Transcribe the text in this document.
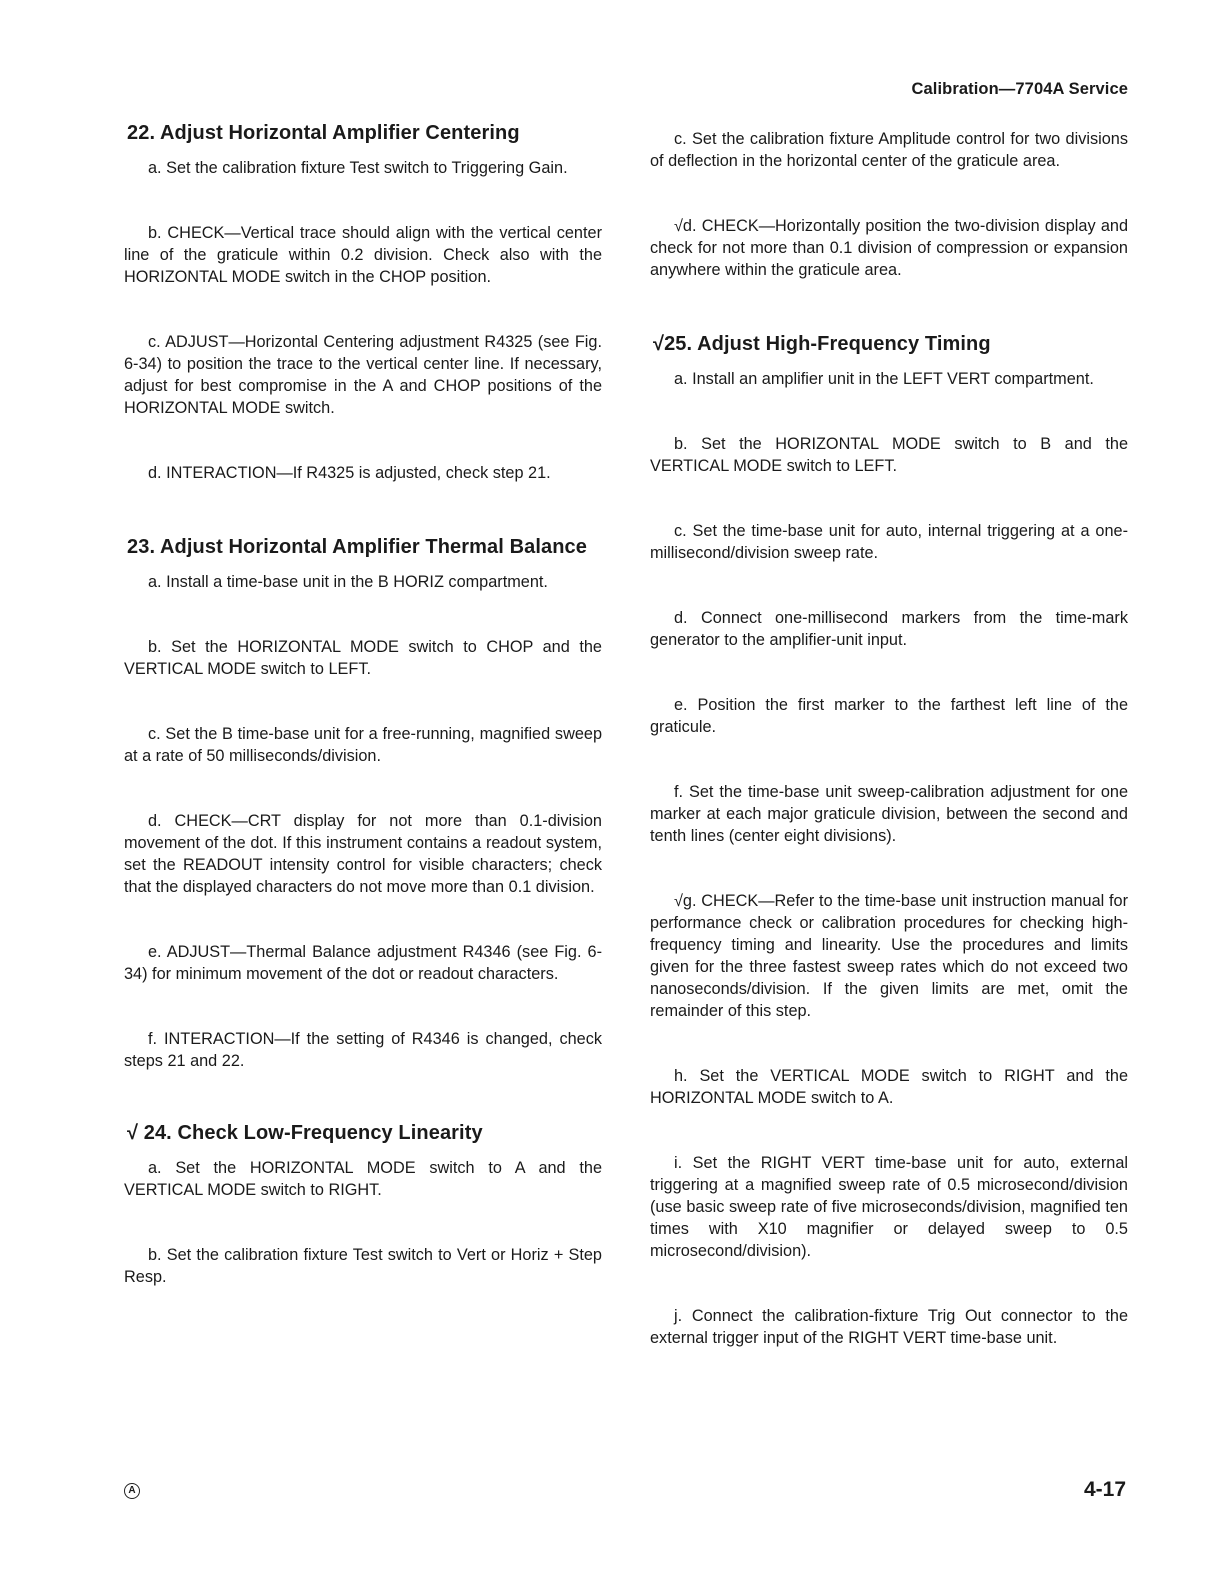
Calibration—7704A Service
22. Adjust Horizontal Amplifier Centering

a. Set the calibration fixture Test switch to Triggering Gain.

b. CHECK—Vertical trace should align with the vertical center line of the graticule within 0.2 division. Check also with the HORIZONTAL MODE switch in the CHOP position.

c. ADJUST—Horizontal Centering adjustment R4325 (see Fig. 6-34) to position the trace to the vertical center line. If necessary, adjust for best compromise in the A and CHOP positions of the HORIZONTAL MODE switch.

d. INTERACTION—If R4325 is adjusted, check step 21.

23. Adjust Horizontal Amplifier Thermal Balance

a. Install a time-base unit in the B HORIZ compartment.

b. Set the HORIZONTAL MODE switch to CHOP and the VERTICAL MODE switch to LEFT.

c. Set the B time-base unit for a free-running, magnified sweep at a rate of 50 milliseconds/division.

d. CHECK—CRT display for not more than 0.1-division movement of the dot. If this instrument contains a readout system, set the READOUT intensity control for visible characters; check that the displayed characters do not move more than 0.1 division.

e. ADJUST—Thermal Balance adjustment R4346 (see Fig. 6-34) for minimum movement of the dot or readout characters.

f. INTERACTION—If the setting of R4346 is changed, check steps 21 and 22.

√ 24. Check Low-Frequency Linearity

a. Set the HORIZONTAL MODE switch to A and the VERTICAL MODE switch to RIGHT.

b. Set the calibration fixture Test switch to Vert or Horiz + Step Resp.

c. Set the calibration fixture Amplitude control for two divisions of deflection in the horizontal center of the graticule area.

√d. CHECK—Horizontally position the two-division display and check for not more than 0.1 division of compression or expansion anywhere within the graticule area.

√25. Adjust High-Frequency Timing

a. Install an amplifier unit in the LEFT VERT compartment.

b. Set the HORIZONTAL MODE switch to B and the VERTICAL MODE switch to LEFT.

c. Set the time-base unit for auto, internal triggering at a one-millisecond/division sweep rate.

d. Connect one-millisecond markers from the time-mark generator to the amplifier-unit input.

e. Position the first marker to the farthest left line of the graticule.

f. Set the time-base unit sweep-calibration adjustment for one marker at each major graticule division, between the second and tenth lines (center eight divisions).

√g. CHECK—Refer to the time-base unit instruction manual for performance check or calibration procedures for checking high-frequency timing and linearity. Use the procedures and limits given for the three fastest sweep rates which do not exceed two nanoseconds/division. If the given limits are met, omit the remainder of this step.

h. Set the VERTICAL MODE switch to RIGHT and the HORIZONTAL MODE switch to A.

i. Set the RIGHT VERT time-base unit for auto, external triggering at a magnified sweep rate of 0.5 microsecond/division (use basic sweep rate of five microseconds/division, magnified ten times with X10 magnifier or delayed sweep to 0.5 microsecond/division).

j. Connect the calibration-fixture Trig Out connector to the external trigger input of the RIGHT VERT time-base unit.

A	4-17
